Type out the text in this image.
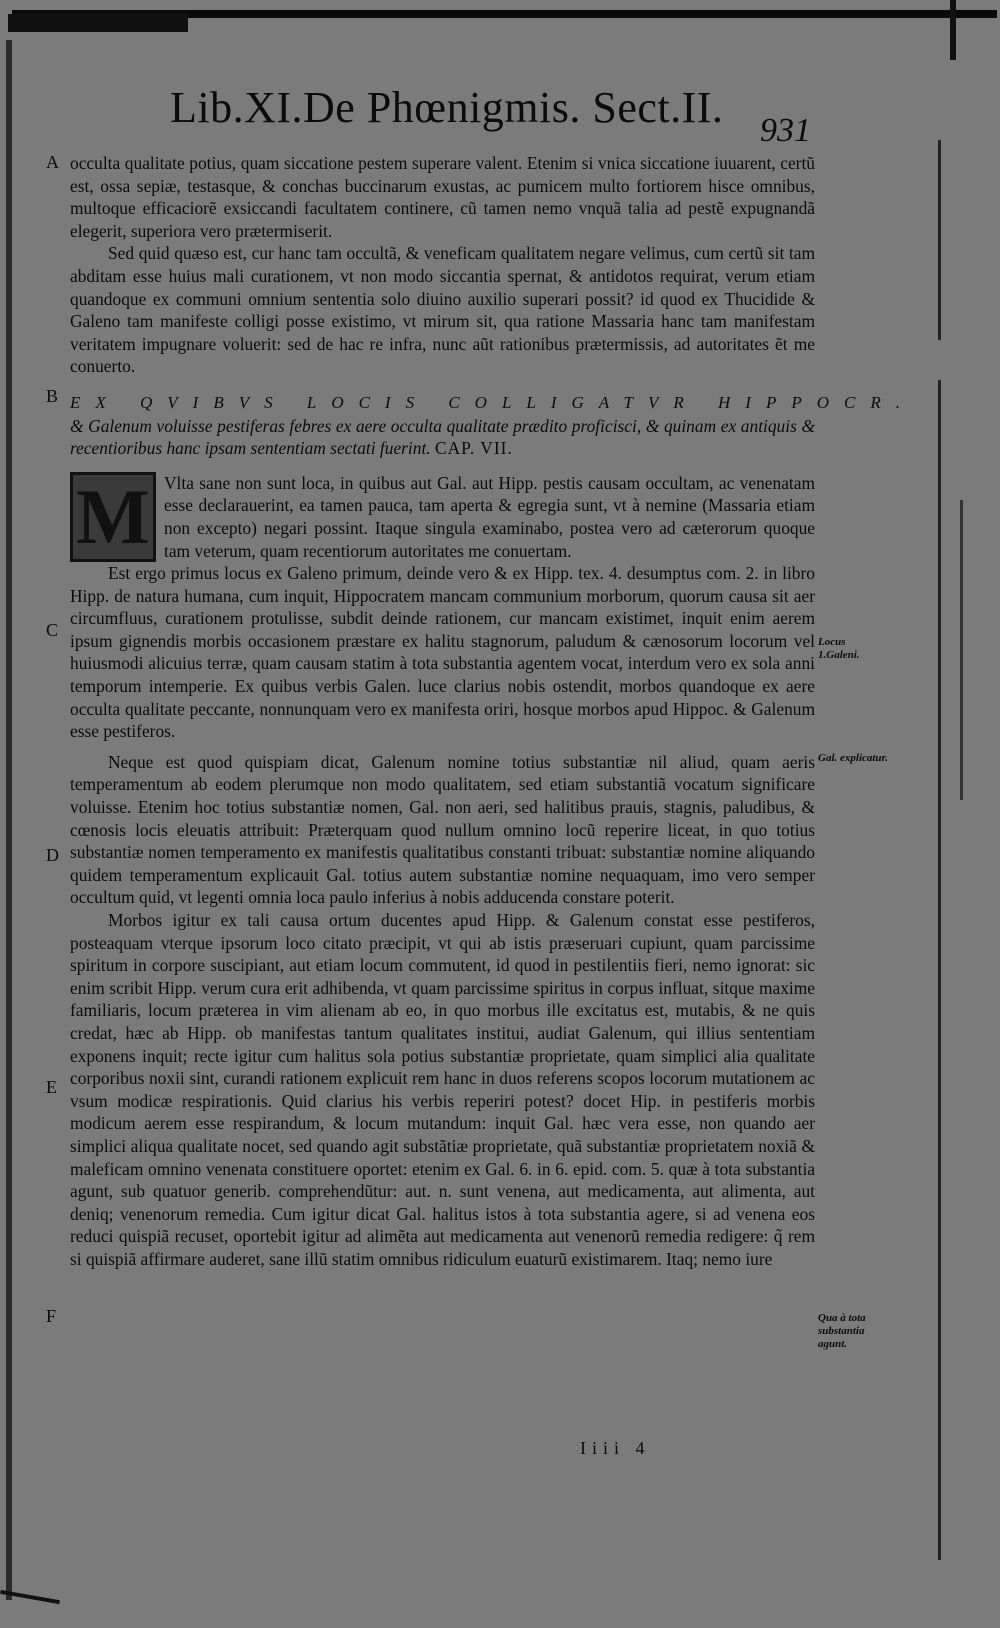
Lib.XI.De Phœnigmis. Sect.II.	931
A
B
C
D
E
F
Locus 1.Galeni.
Gal. explicatur.
Qua à tota substantia agunt.

occulta qualitate potius, quam siccatione pestem superare valent. Etenim si vnica siccatione iuuarent, certũ est, ossa sepiæ, testasque, & conchas buccinarum exustas, ac pumicem multo fortiorem hisce omnibus, multoque efficaciorẽ exsiccandi facultatem continere, cũ tamen nemo vnquã talia ad pestẽ expugnandã elegerit, superiora vero prætermiserit.

Sed quid quæso est, cur hanc tam occultã, & veneficam qualitatem negare velimus, cum certũ sit tam abditam esse huius mali curationem, vt non modo siccantia spernat, & antidotos requirat, verum etiam quandoque ex communi omnium sententia solo diuino auxilio superari possit? id quod ex Thucidide & Galeno tam manifeste colligi posse existimo, vt mirum sit, qua ratione Massaria hanc tam manifestam veritatem impugnare voluerit: sed de hac re infra, nunc aũt rationibus prætermissis, ad autoritates ẽt me conuerto.

EX QVIBVS LOCIS COLLIGATVR HIPPOCR.

& Galenum voluisse pestiferas febres ex aere occulta qualitate prædito proficisci, & quinam ex antiquis & recentioribus hanc ipsam sententiam sectati fuerint. CAP. VII.

M Vlta sane non sunt loca, in quibus aut Gal. aut Hipp. pestis causam occultam, ac venenatam esse declarauerint, ea tamen pauca, tam aperta & egregia sunt, vt à nemine (Massaria etiam non excepto) negari possint. Itaque singula examinabo, postea vero ad cæterorum quoque tam veterum, quam recentiorum autoritates me conuertam.

Est ergo primus locus ex Galeno primum, deinde vero & ex Hipp. tex. 4. desumptus com. 2. in libro Hipp. de natura humana, cum inquit, Hippocratem mancam communium morborum, quorum causa sit aer circumfluus, curationem protulisse, subdit deinde rationem, cur mancam existimet, inquit enim aerem ipsum gignendis morbis occasionem præstare ex halitu stagnorum, paludum & cænosorum locorum vel huiusmodi alicuius terræ, quam causam statim à tota substantia agentem vocat, interdum vero ex sola anni temporum intemperie. Ex quibus verbis Galen. luce clarius nobis ostendit, morbos quandoque ex aere occulta qualitate peccante, nonnunquam vero ex manifesta oriri, hosque morbos apud Hippoc. & Galenum esse pestiferos.

Neque est quod quispiam dicat, Galenum nomine totius substantiæ nil aliud, quam aeris temperamentum ab eodem plerumque non modo qualitatem, sed etiam substantiã vocatum significare voluisse. Etenim hoc totius substantiæ nomen, Gal. non aeri, sed halitibus prauis, stagnis, paludibus, & cœnosis locis eleuatis attribuit: Præterquam quod nullum omnino locũ reperire liceat, in quo totius substantiæ nomen temperamento ex manifestis qualitatibus constanti tribuat: substantiæ nomine aliquando quidem temperamentum explicauit Gal. totius autem substantiæ nomine nequaquam, imo vero semper occultum quid, vt legenti omnia loca paulo inferius à nobis adducenda constare poterit.

Morbos igitur ex tali causa ortum ducentes apud Hipp. & Galenum constat esse pestiferos, posteaquam vterque ipsorum loco citato præcipit, vt qui ab istis præseruari cupiunt, quam parcissime spiritum in corpore suscipiant, aut etiam locum commutent, id quod in pestilentiis fieri, nemo ignorat: sic enim scribit Hipp. verum cura erit adhibenda, vt quam parcissime spiritus in corpus influat, sitque maxime familiaris, locum præterea in vim alienam ab eo, in quo morbus ille excitatus est, mutabis, & ne quis credat, hæc ab Hipp. ob manifestas tantum qualitates institui, audiat Galenum, qui illius sententiam exponens inquit; recte igitur cum halitus sola potius substantiæ proprietate, quam simplici alia qualitate corporibus noxii sint, curandi rationem explicuit rem hanc in duos referens scopos locorum mutationem ac vsum modicæ respirationis. Quid clarius his verbis reperiri potest? docet Hip. in pestiferis morbis modicum aerem esse respirandum, & locum mutandum: inquit Gal. hæc vera esse, non quando aer simplici aliqua qualitate nocet, sed quando agit substãtiæ proprietate, quã substantiæ proprietatem noxiã & maleficam omnino venenata constituere oportet: etenim ex Gal. 6. in 6. epid. com. 5. quæ à tota substantia agunt, sub quatuor generib. comprehendũtur: aut. n. sunt venena, aut medicamenta, aut alimenta, aut deniq; venenorum remedia. Cum igitur dicat Gal. halitus istos à tota substantia agere, si ad venena eos reduci quispiã recuset, oportebit igitur ad alimẽta aut medicamenta aut venenorũ remedia redigere: q̃ rem si quispiã affirmare auderet, sane illũ statim omnibus ridiculum euaturũ existimarem. Itaq; nemo iure

Iiii 4
